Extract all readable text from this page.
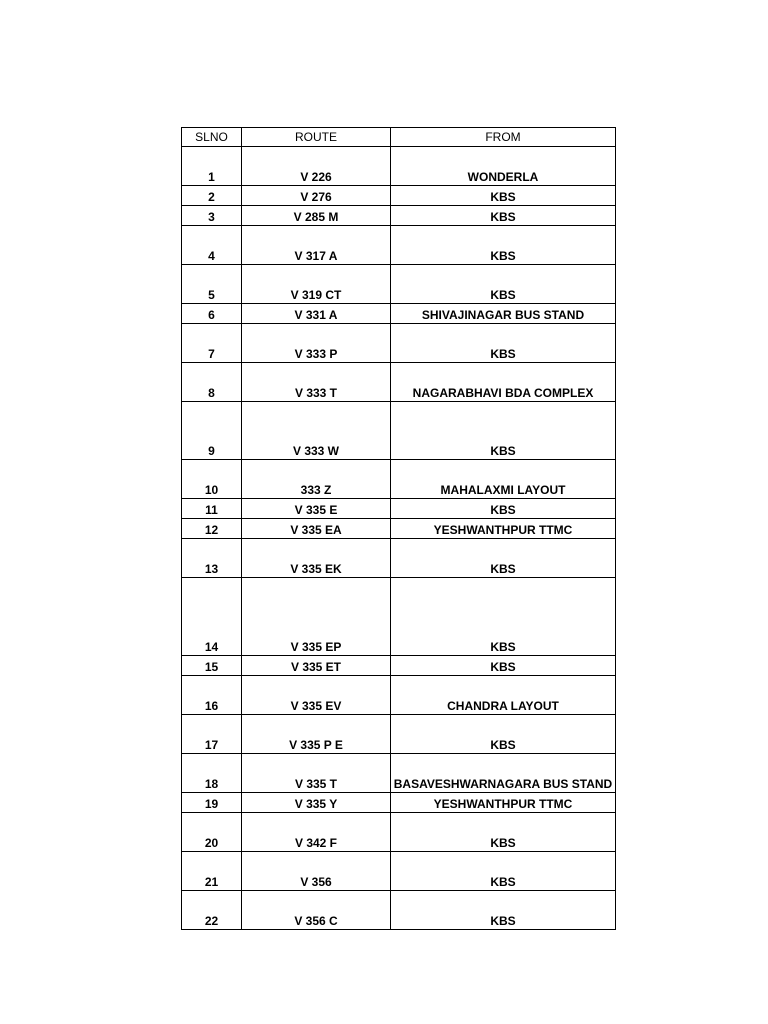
SLNO	ROUTE	FROM
1	V 226	WONDERLA
2	V 276	KBS
3	V 285 M	KBS
4	V 317 A	KBS
5	V 319 CT	KBS
6	V 331 A	SHIVAJINAGAR BUS STAND
7	V 333 P	KBS
8	V 333 T	NAGARABHAVI BDA COMPLEX
9	V 333 W	KBS
10	333 Z	MAHALAXMI LAYOUT
11	V 335 E	KBS
12	V 335 EA	YESHWANTHPUR TTMC
13	V 335 EK	KBS
14	V 335 EP	KBS
15	V 335 ET	KBS
16	V 335 EV	CHANDRA LAYOUT
17	V 335 P E	KBS
18	V 335 T	BASAVESHWARNAGARA BUS STAND
19	V 335 Y	YESHWANTHPUR TTMC
20	V 342 F	KBS
21	V 356	KBS
22	V 356 C	KBS
